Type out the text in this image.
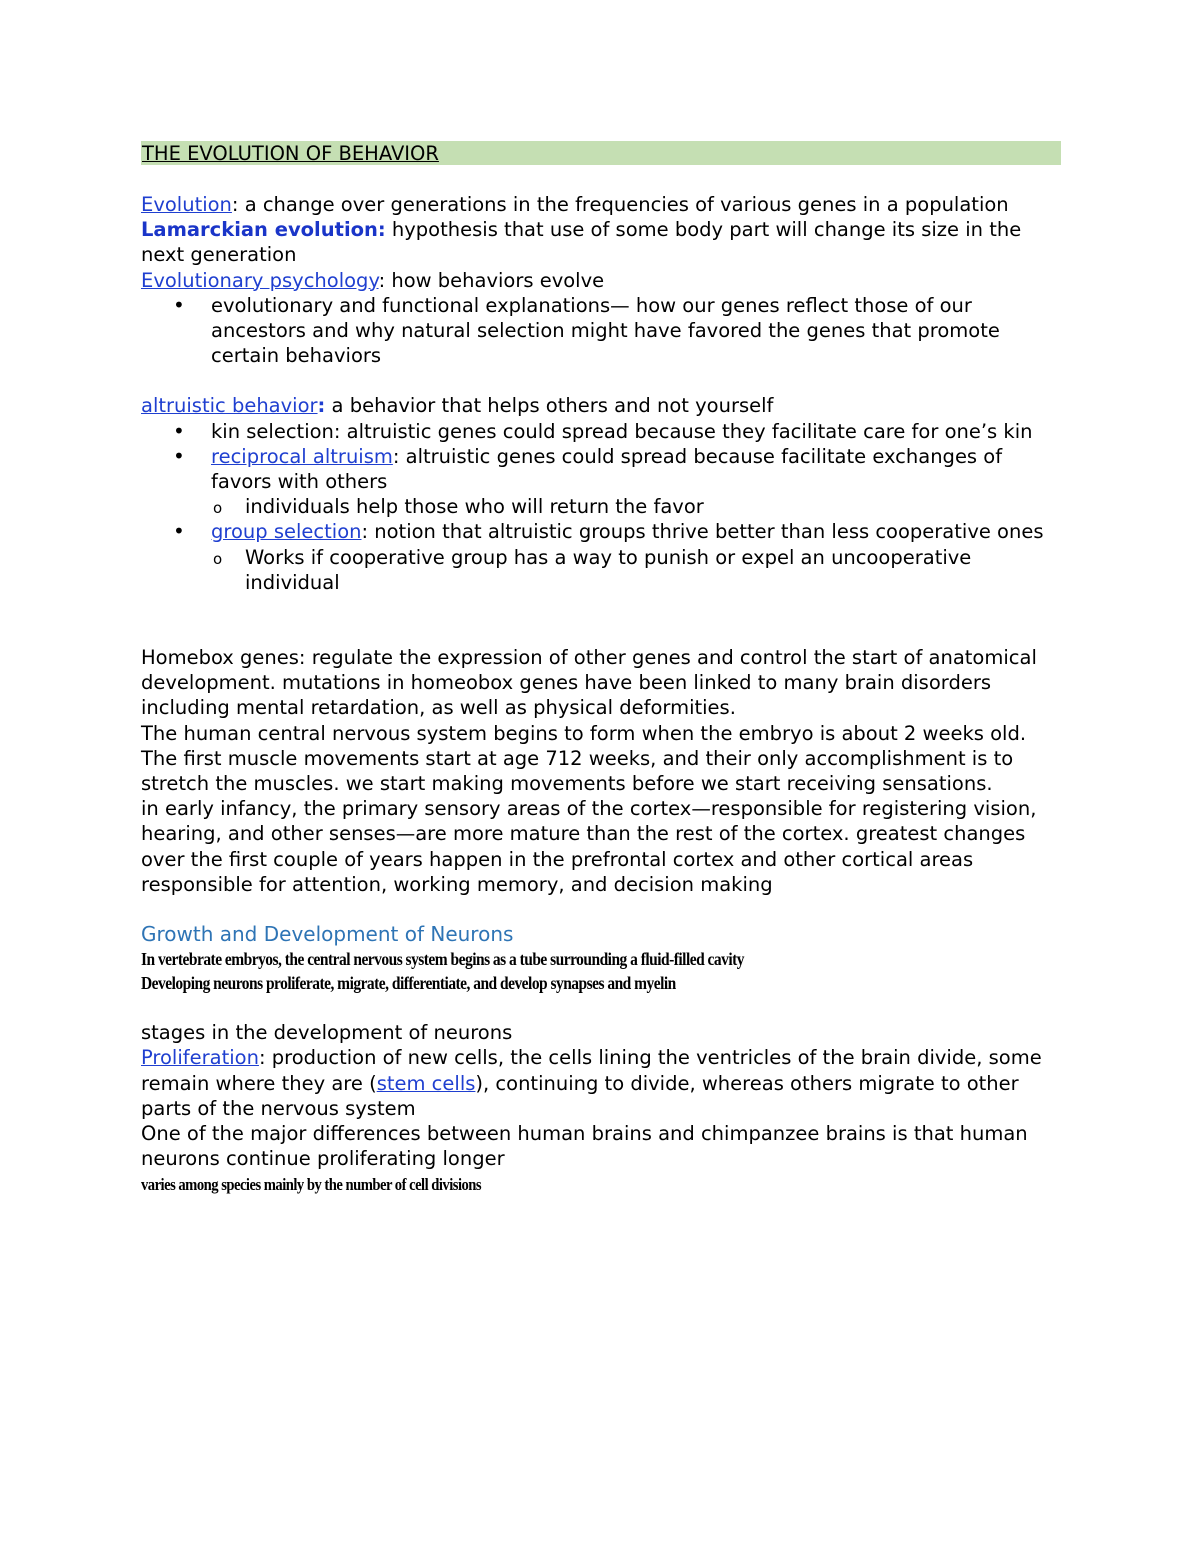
THE EVOLUTION OF BEHAVIOR

Evolution: a change over generations in the frequencies of various genes in a population

Lamarckian evolution: hypothesis that use of some body part will change its size in the next generation

Evolutionary psychology: how behaviors evolve

• evolutionary and functional explanations— how our genes reflect those of our ancestors and why natural selection might have favored the genes that promote certain behaviors

altruistic behavior: a behavior that helps others and not yourself

• kin selection: altruistic genes could spread because they facilitate care for one’s kin
• reciprocal altruism: altruistic genes could spread because facilitate exchanges of favors with others
o individuals help those who will return the favor
• group selection: notion that altruistic groups thrive better than less cooperative ones
o Works if cooperative group has a way to punish or expel an uncooperative individual

Homebox genes: regulate the expression of other genes and control the start of anatomical development. mutations in homeobox genes have been linked to many brain disorders including mental retardation, as well as physical deformities.

The human central nervous system begins to form when the embryo is about 2 weeks old.

The first muscle movements start at age 712 weeks, and their only accomplishment is to stretch the muscles. we start making movements before we start receiving sensations.

in early infancy, the primary sensory areas of the cortex—responsible for registering vision, hearing, and other senses—are more mature than the rest of the cortex. greatest changes over the first couple of years happen in the prefrontal cortex and other cortical areas responsible for attention, working memory, and decision making

Growth and Development of Neurons

In vertebrate embryos, the central nervous system begins as a tube surrounding a fluid-filled cavity

Developing neurons proliferate, migrate, differentiate, and develop synapses and myelin

stages in the development of neurons

Proliferation: production of new cells, the cells lining the ventricles of the brain divide, some remain where they are (stem cells), continuing to divide, whereas others migrate to other parts of the nervous system

One of the major differences between human brains and chimpanzee brains is that human neurons continue proliferating longer

varies among species mainly by the number of cell divisions
